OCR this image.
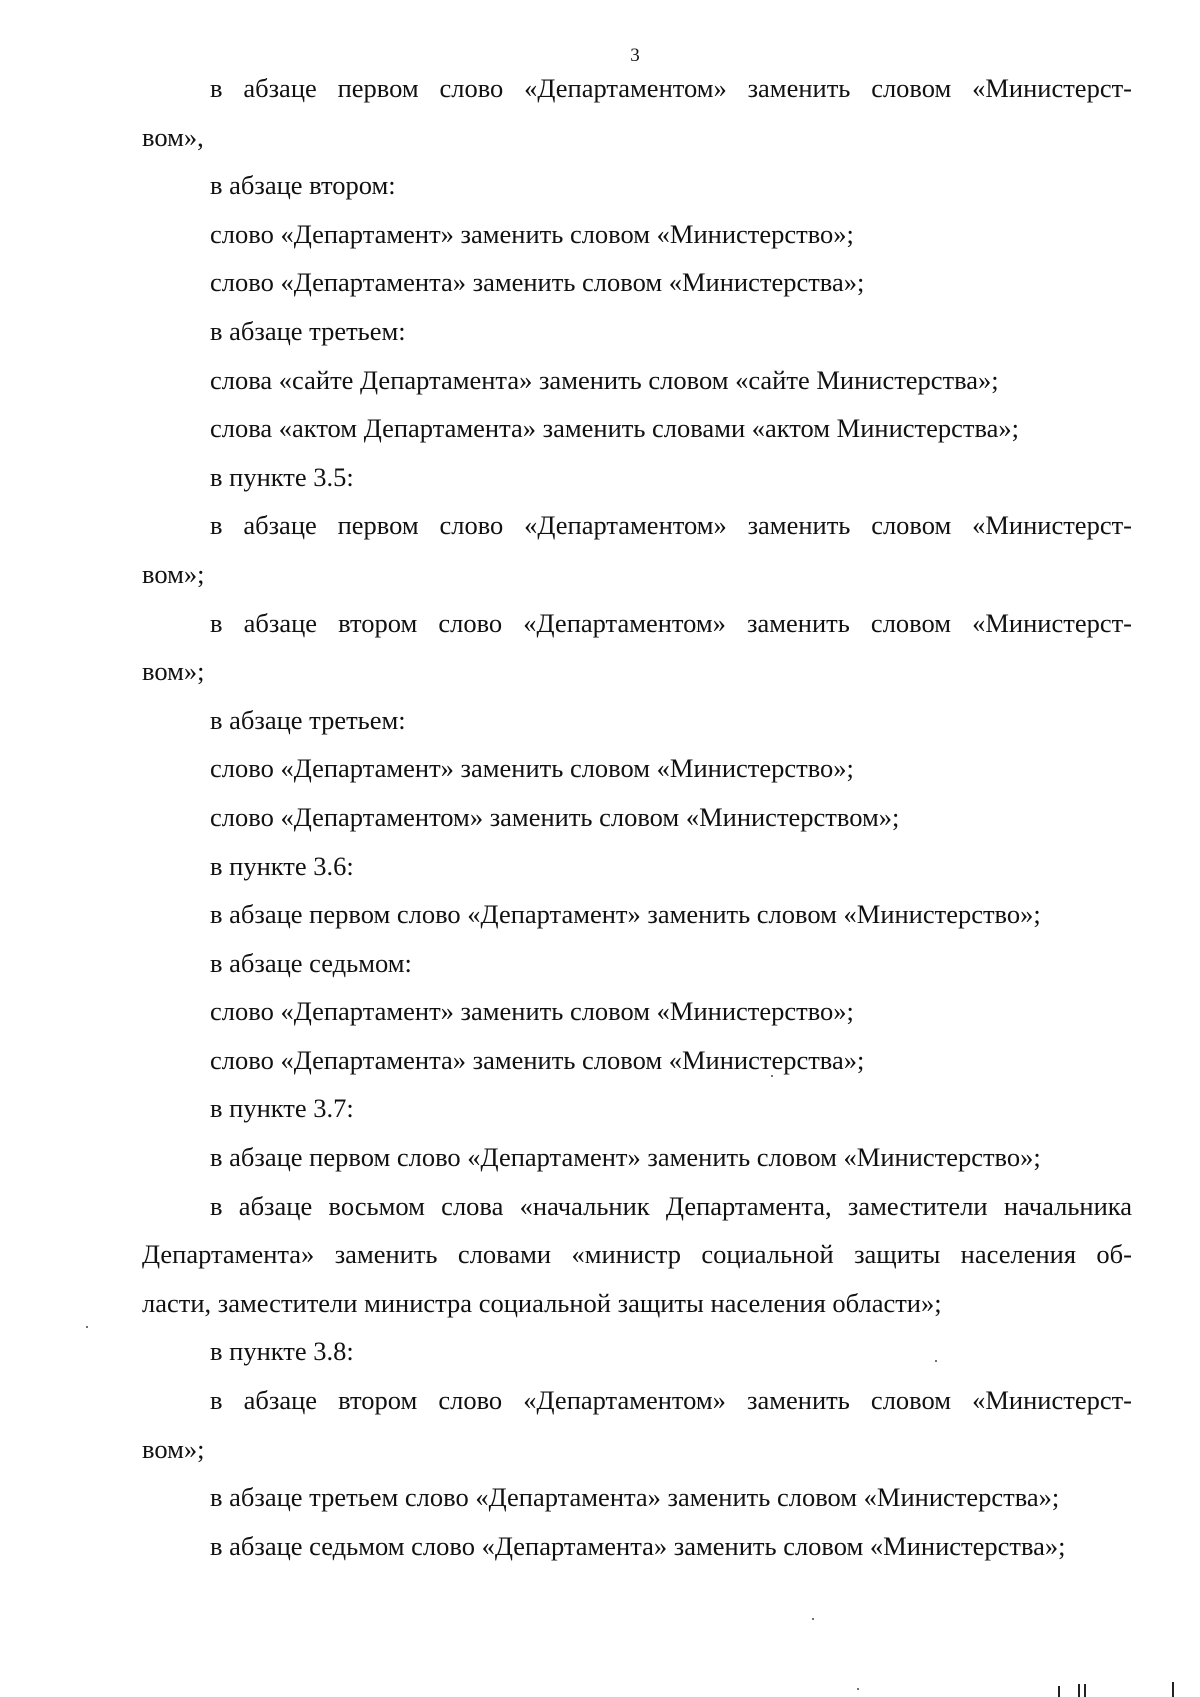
3

в абзаце первом слово «Департаментом» заменить словом «Министерст-

вом»,

в абзаце втором:

слово «Департамент» заменить словом «Министерство»;

слово «Департамента» заменить словом «Министерства»;

в абзаце третьем:

слова «сайте Департамента» заменить словом «сайте Министерства»;

слова «актом Департамента» заменить словами «актом Министерства»;

в пункте 3.5:

в абзаце первом слово «Департаментом» заменить словом «Министерст-

вом»;

в абзаце втором слово «Департаментом» заменить словом «Министерст-

вом»;

в абзаце третьем:

слово «Департамент» заменить словом «Министерство»;

слово «Департаментом» заменить словом «Министерством»;

в пункте 3.6:

в абзаце первом слово «Департамент» заменить словом «Министерство»;

в абзаце седьмом:

слово «Департамент» заменить словом «Министерство»;

слово «Департамента» заменить словом «Министерства»;

в пункте 3.7:

в абзаце первом слово «Департамент» заменить словом «Министерство»;

в абзаце восьмом слова «начальник Департамента, заместители начальника

Департамента» заменить словами «министр социальной защиты населения об-

ласти, заместители министра социальной защиты населения области»;

в пункте 3.8:

в абзаце втором слово «Департаментом» заменить словом «Министерст-

вом»;

в абзаце третьем слово «Департамента» заменить словом «Министерства»;

в абзаце седьмом слово «Департамента» заменить словом «Министерства»;
